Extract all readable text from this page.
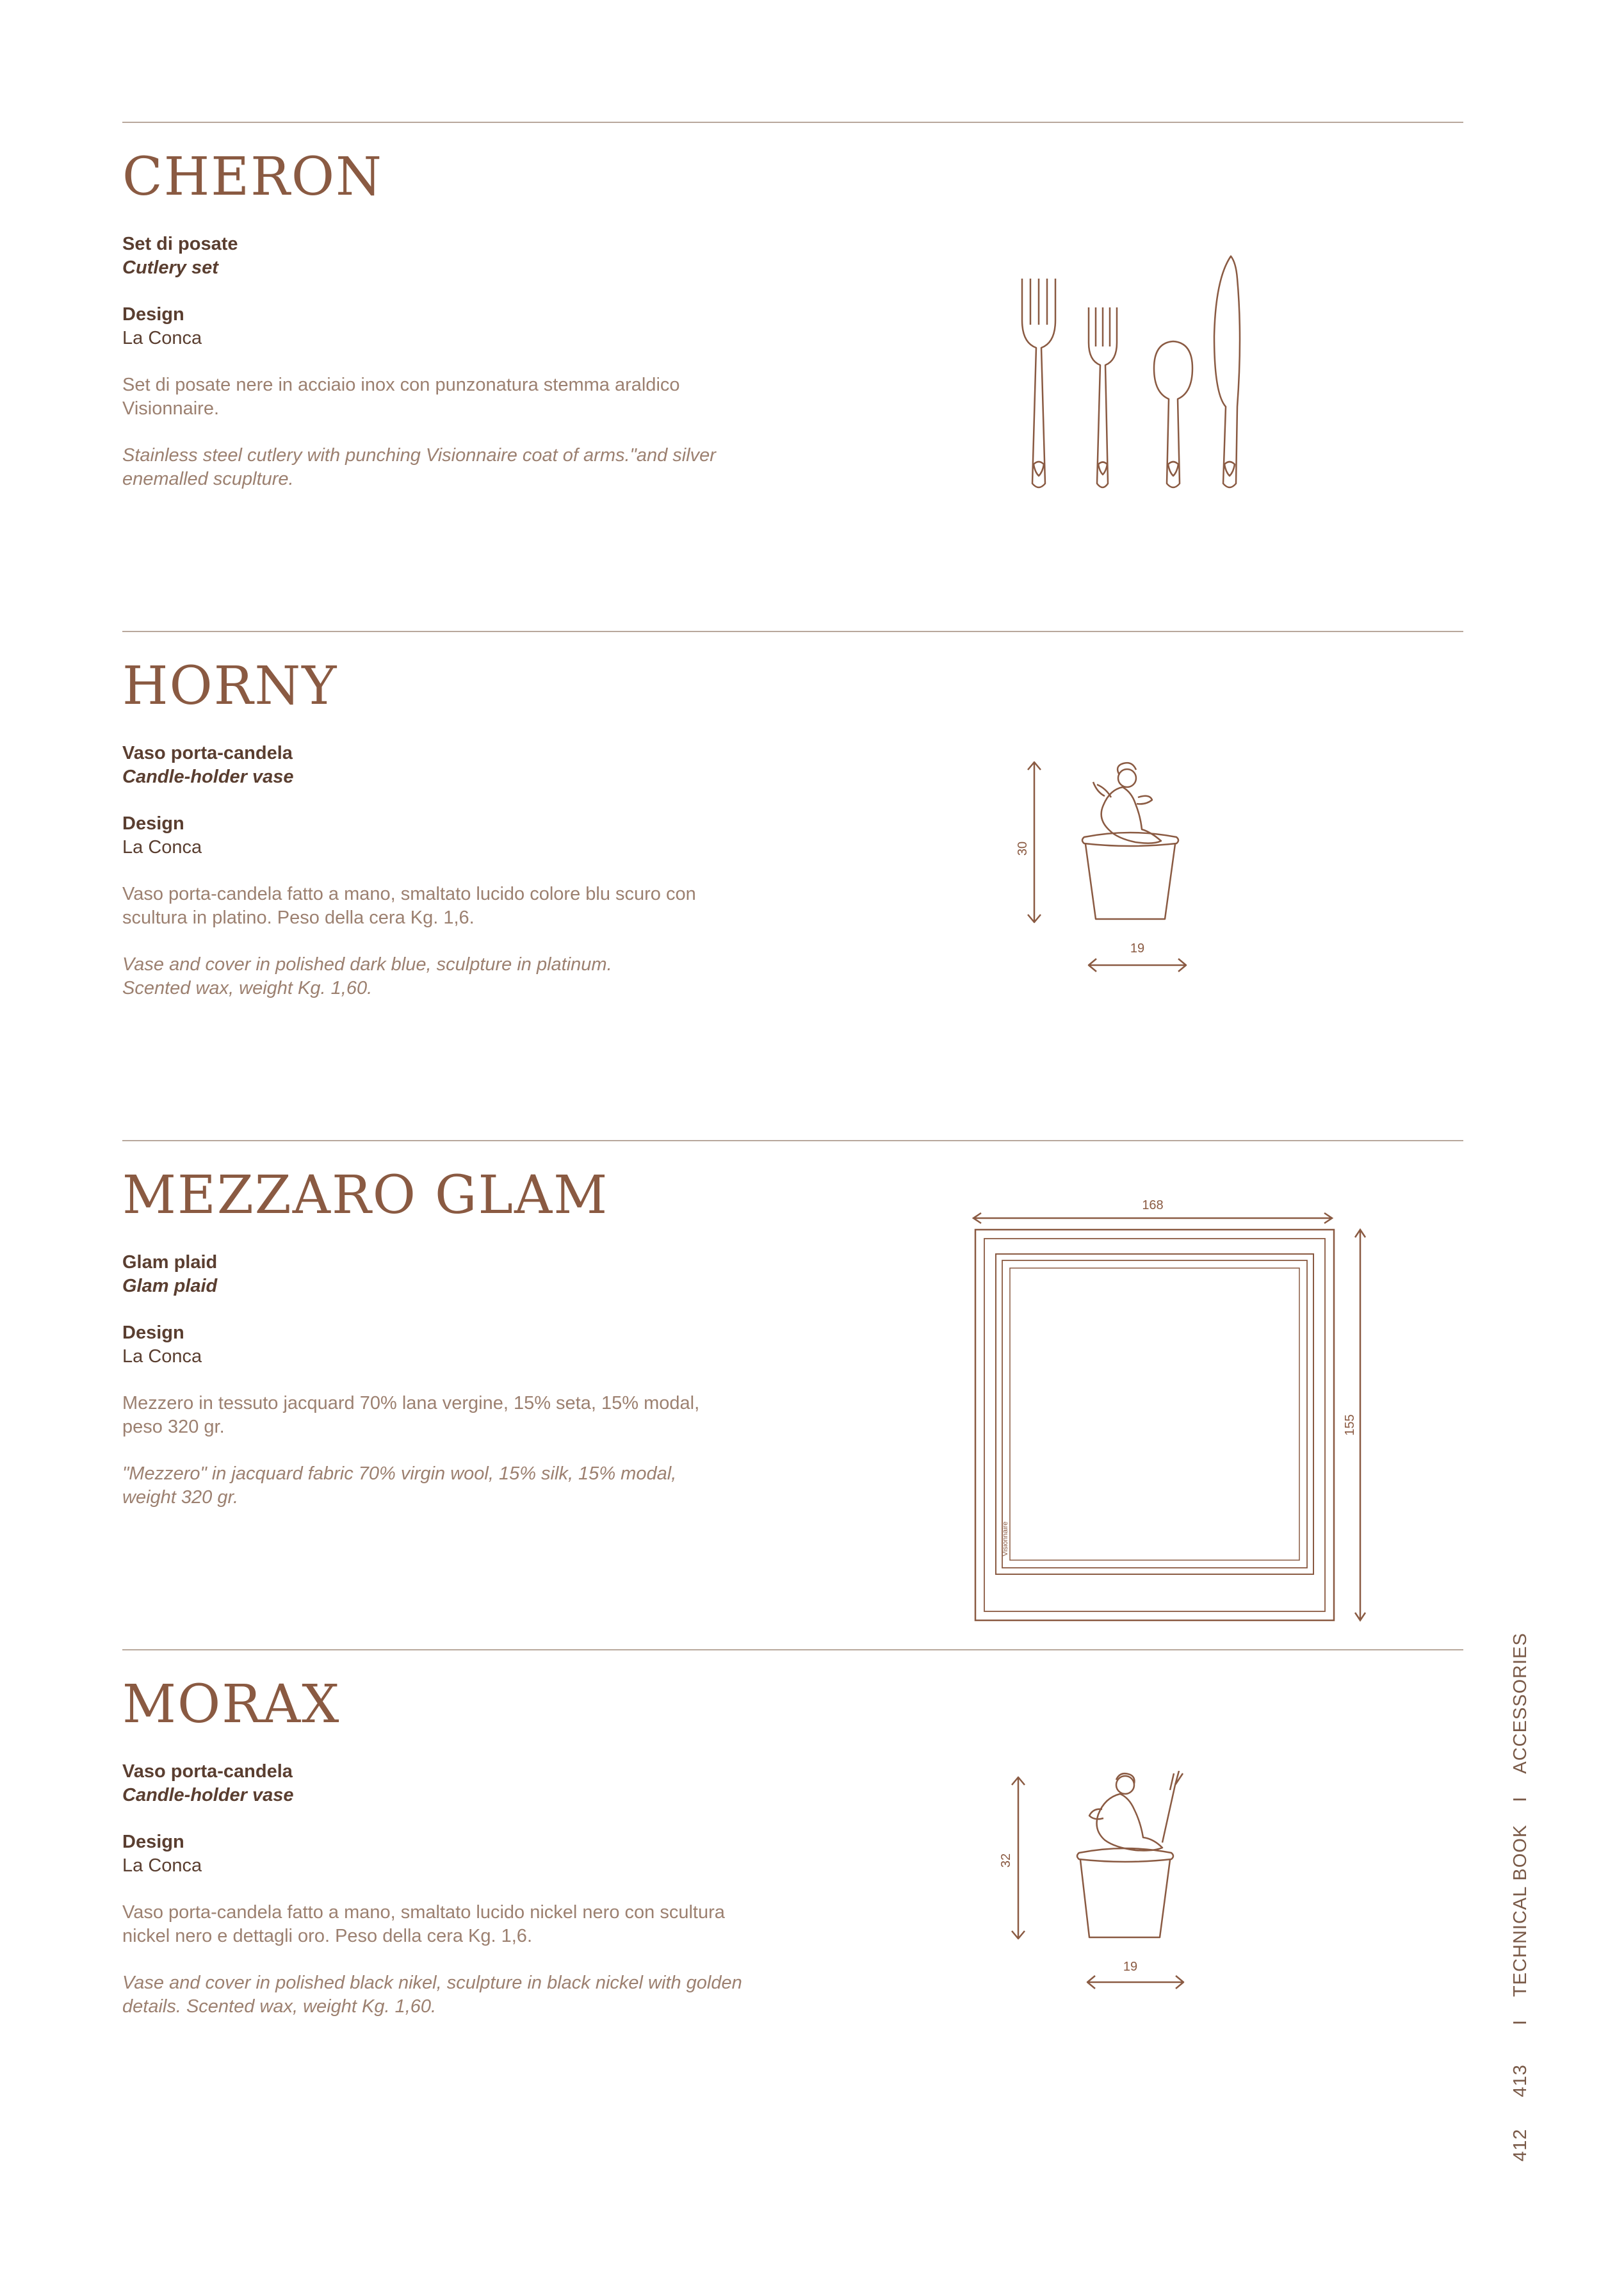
CHERON

Set di posate

Cutlery set

Design

La Conca

Set di posate nere in acciaio inox con punzonatura stemma araldico

Visionnaire.

Stainless steel cutlery with punching Visionnaire coat of arms."and silver

enemalled scuplture.

HORNY

Vaso porta-candela

Candle-holder vase

Design

La Conca

Vaso porta-candela fatto a mano, smaltato lucido colore blu scuro con

scultura in platino. Peso della cera Kg. 1,6.

Vase and cover in polished dark blue, sculpture in platinum.

Scented wax, weight Kg. 1,60.

30
19
MEZZARO GLAM

Glam plaid

Glam plaid

Design

La Conca

Mezzero in tessuto jacquard 70% lana vergine, 15% seta, 15% modal,

peso 320 gr.

"Mezzero" in jacquard fabric 70% virgin wool, 15% silk, 15% modal,

weight 320 gr.

168
155
Visionnaire
MORAX

Vaso porta-candela

Candle-holder vase

Design

La Conca

Vaso porta-candela fatto a mano, smaltato lucido nickel nero con scultura

nickel nero e dettagli oro. Peso della cera Kg. 1,6.

Vase and cover in polished black nikel, sculpture in black nickel with golden

details. Scented wax, weight Kg. 1,60.

32
19
412 413 I TECHNICAL BOOK I ACCESSORIES
